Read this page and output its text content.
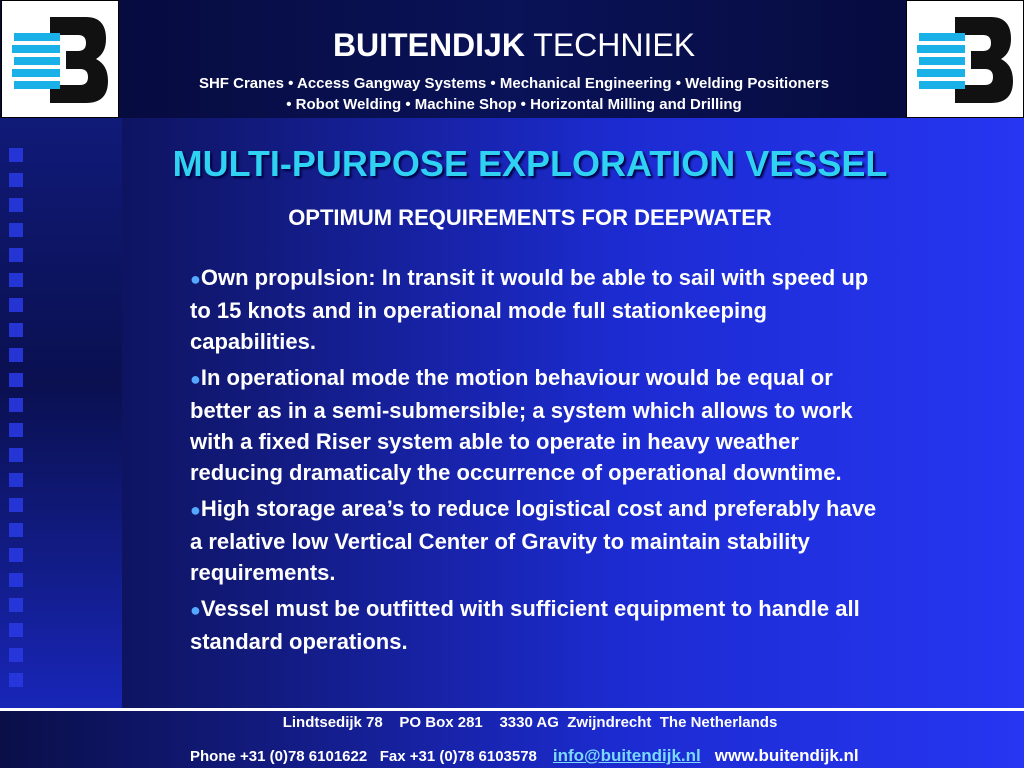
BUITENDIJK TECHNIEK
SHF Cranes • Access Gangway Systems • Mechanical Engineering • Welding Positioners
• Robot Welding • Machine Shop • Horizontal Milling and Drilling
MULTI-PURPOSE EXPLORATION VESSEL
OPTIMUM REQUIREMENTS FOR DEEPWATER
●Own propulsion: In transit it would be able to sail with speed up to 15 knots and in operational mode full stationkeeping capabilities.
●In operational mode the motion behaviour would be equal or better as in a semi-submersible; a system which allows to work with a fixed Riser system able to operate in heavy weather reducing dramaticaly the occurrence of operational downtime.
●High storage area’s to reduce logistical cost and preferably have a relative low Vertical Center of Gravity to maintain stability requirements.
●Vessel must be outfitted with sufficient equipment to handle all standard operations.
Lindtsedijk 78    PO Box 281    3330 AG  Zwijndrecht  The Netherlands
Phone +31 (0)78 6101622   Fax +31 (0)78 6103578 info@buitendijk.nl www.buitendijk.nl
